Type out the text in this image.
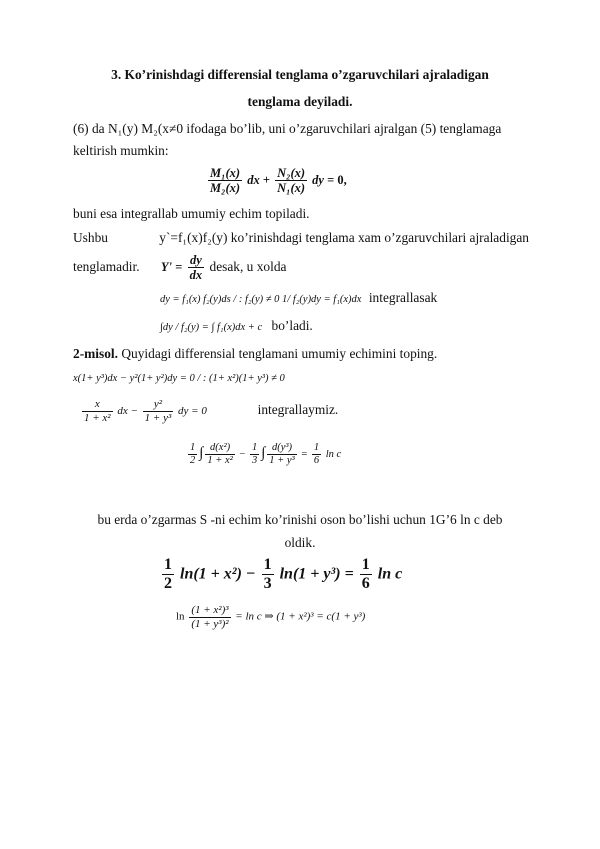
3. Ko’rinishdagi differensial tenglama o’zgaruvchilari ajraladigan
tenglama deyiladi.
(6) da N₁(y) M₂(x≠0 ifodaga bo’lib, uni o’zgaruvchilari ajralgan (5) tenglamaga
keltirish mumkin:
$\frac{\text{M₁(x)}}{\text{M₂(x)}}$ dx + $\frac{\text{N₂(x)}}{\text{N₁(x)}}$ dy = 0,
buni esa integrallab umumiy echim topiladi.
Ushbu	y`=f₁(x)f₂(y) ko’rinishdagi tenglama xam o’zgaruvchilari ajraladigan
tenglamadir. $Y' = \frac{dy}{dx}$ desak, u xolda
dy = f₁(x) f₂(y)ds / : f₂(y) ≠ 0 1/ f₂(y)dy = f₁(x)dx integrallasak
∫dy / f₂(y) = ∫ f₁(x)dx + c bo’ladi.
2-misol. Quyidagi differensial tenglamani umumiy echimini toping.
x(1+ y³)dx − y²(1+ y²)dy = 0 / : (1+ x²)(1+ y³) ≠ 0
$\frac{x}{\text{1 + x²}}$ dx − $\frac{\text{y²}}{\text{1 + y³}}$ dy = 0	integrallaymiz.
$\frac{1}{2}$ ∫ $\frac{\text{d(x²)}}{\text{1 + x²}} - \frac{1}{3}$ ∫ $\frac{\text{d(y³)}}{\text{1 + y³}} = \frac{1}{6}$ ln c
bu erda o’zgarmas S -ni echim ko’rinishi oson bo’lishi uchun 1G’6 ln c deb
oldik.
$\frac{1}{2} \ln(1 + x^2) - \frac{1}{3} \ln(1 + y^3) = \frac{1}{6}$ ln c
$\ln \frac{\text{(1 + x²)³}}{\text{(1 + y³)²}} = \ln c$ ⇒ (1 + x²)³ = c(1 + y³)
